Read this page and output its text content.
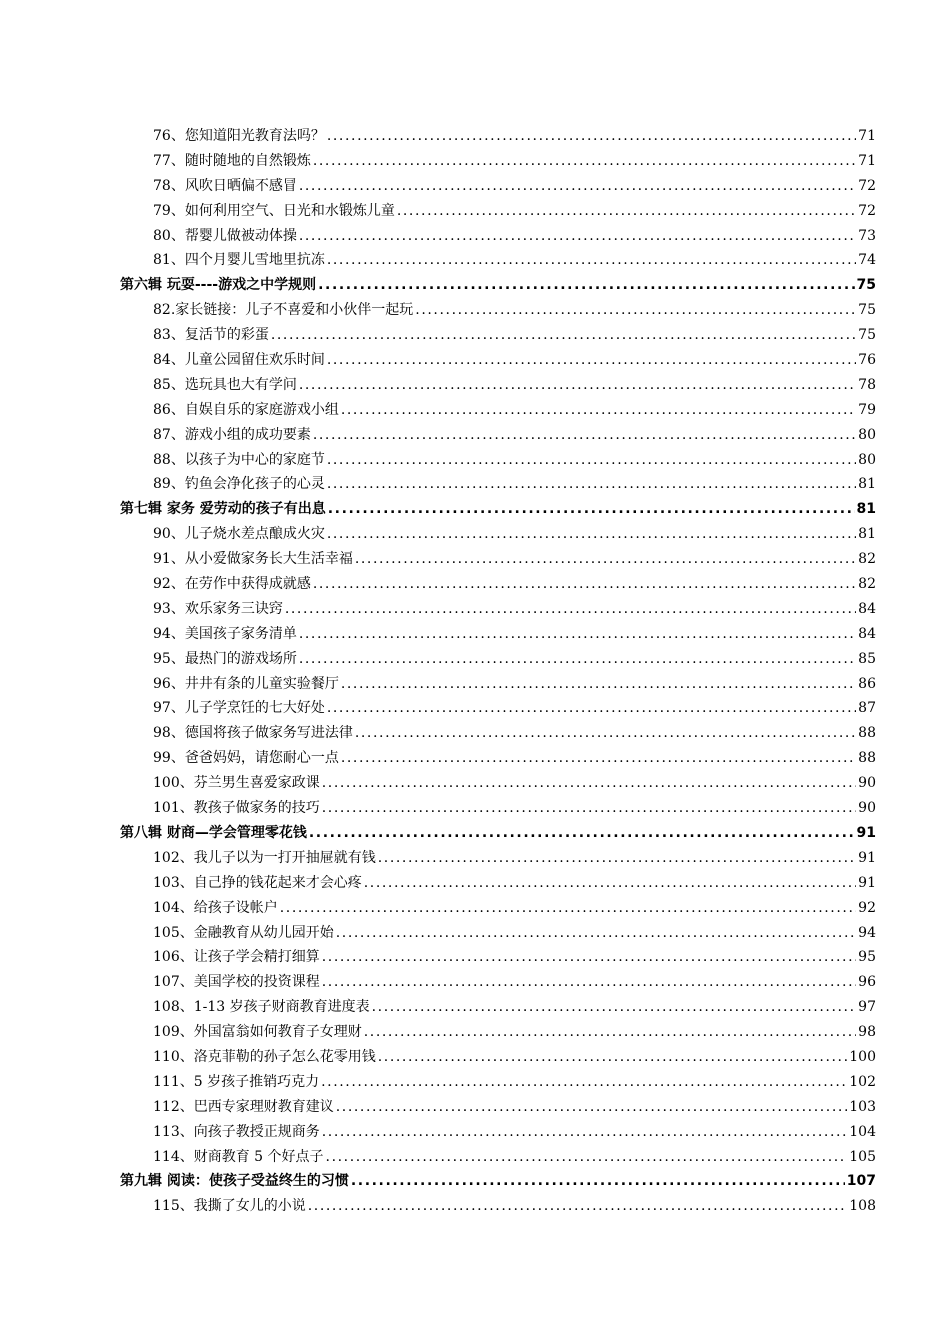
76、您知道阳光教育法吗？ .....	71
77、随时随地的自然锻炼 .....	71
78、风吹日晒偏不感冒 .....	72
79、如何利用空气、日光和水锻炼儿童 .....	72
80、帮婴儿做被动体操 .....	73
81、四个月婴儿雪地里抗冻 .....	74
第六辑 玩耍----游戏之中学规则 .....	75
82.家长链接：儿子不喜爱和小伙伴一起玩 .....	75
83、复活节的彩蛋 .....	75
84、儿童公园留住欢乐时间 .....	76
85、选玩具也大有学问 .....	78
86、自娱自乐的家庭游戏小组 .....	79
87、游戏小组的成功要素 .....	80
88、以孩子为中心的家庭节 .....	80
89、钓鱼会净化孩子的心灵 .....	81
第七辑 家务 爱劳动的孩子有出息 .....	81
90、儿子烧水差点酿成火灾 .....	81
91、从小爱做家务长大生活幸福 .....	82
92、在劳作中获得成就感 .....	82
93、欢乐家务三诀窍 .....	84
94、美国孩子家务清单 .....	84
95、最热门的游戏场所 .....	85
96、井井有条的儿童实验餐厅 .....	86
97、儿子学烹饪的七大好处 .....	87
98、德国将孩子做家务写进法律 .....	88
99、爸爸妈妈，请您耐心一点 .....	88
100、芬兰男生喜爱家政课 .....	90
101、教孩子做家务的技巧 .....	90
第八辑 财商—学会管理零花钱 .....	91
102、我儿子以为一打开抽屉就有钱 .....	91
103、自己挣的钱花起来才会心疼 .....	91
104、给孩子设帐户 .....	92
105、金融教育从幼儿园开始 .....	94
106、让孩子学会精打细算 .....	95
107、美国学校的投资课程 .....	96
108、1-13 岁孩子财商教育进度表 .....	97
109、外国富翁如何教育子女理财 .....	98
110、洛克菲勒的孙子怎么花零用钱 .....	100
111、5 岁孩子推销巧克力 .....	102
112、巴西专家理财教育建议 .....	103
113、向孩子教授正规商务 .....	104
114、财商教育 5 个好点子 .....	105
第九辑 阅读：使孩子受益终生的习惯 .....	107
115、我撕了女儿的小说 .....	108
